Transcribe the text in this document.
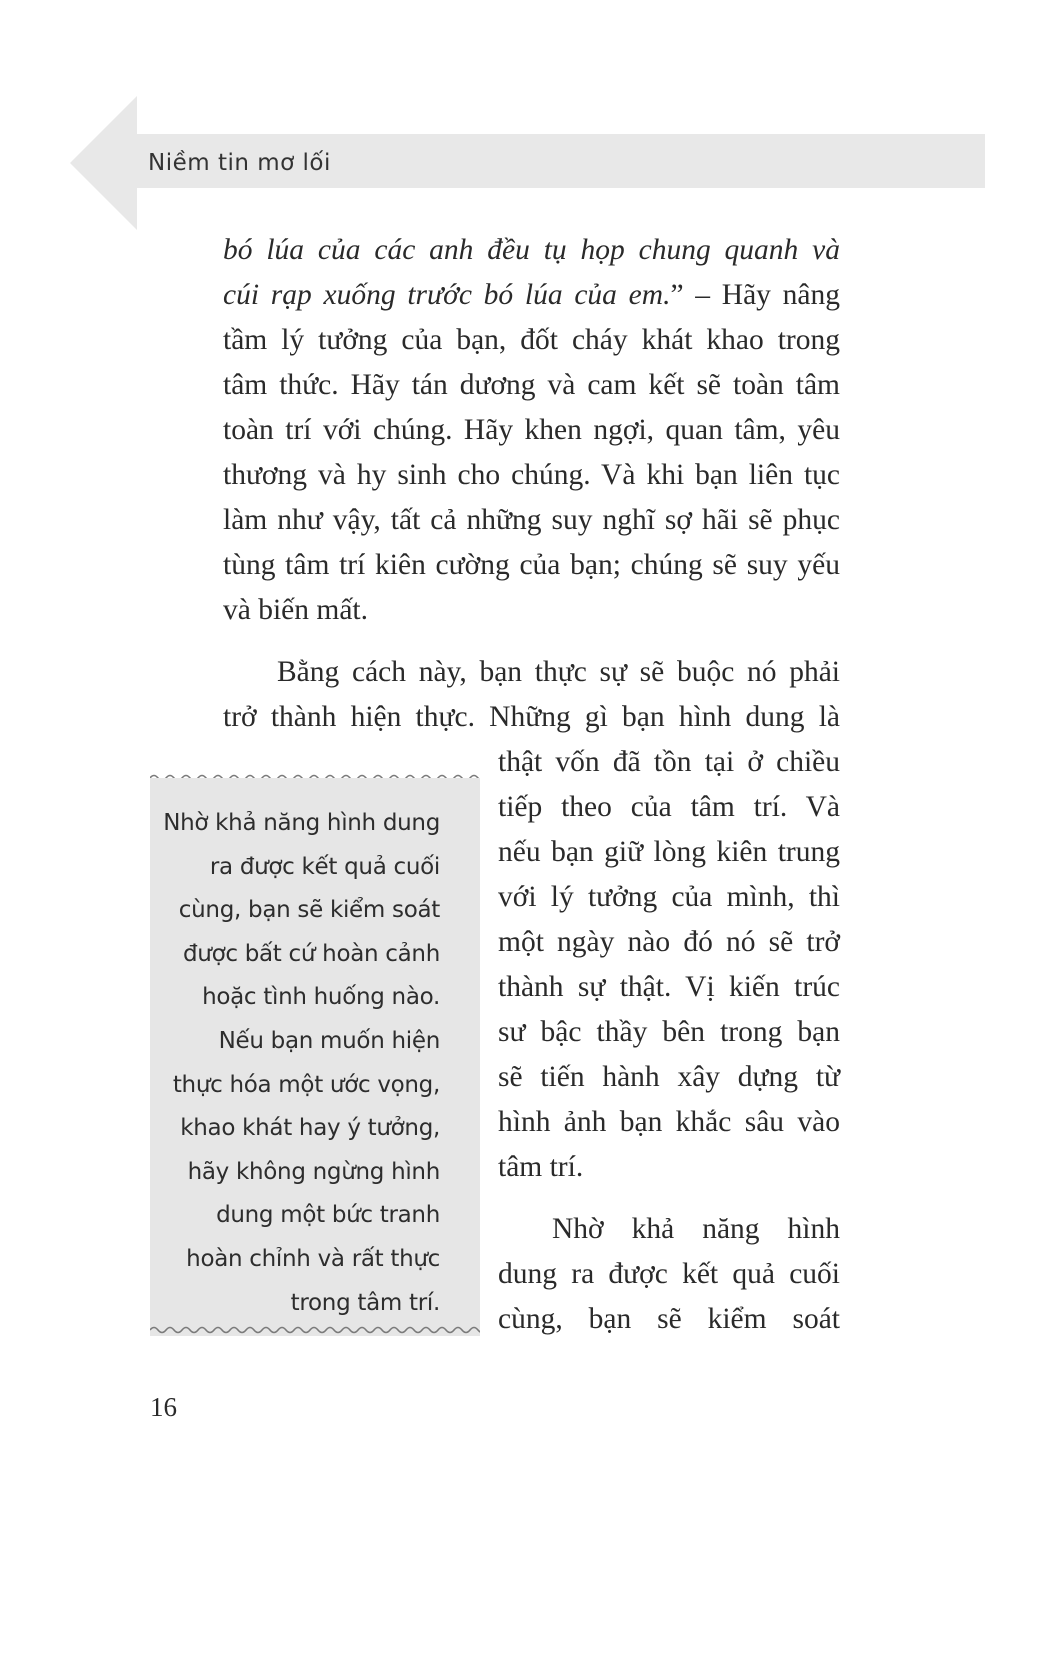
Niềm tin mơ lối
bó lúa của các anh đều tụ họp chung quanh và
cúi rạp xuống trước bó lúa của em.” – Hãy nâng
tầm lý tưởng của bạn, đốt cháy khát khao trong
tâm thức. Hãy tán dương và cam kết sẽ toàn tâm
toàn trí với chúng. Hãy khen ngợi, quan tâm, yêu
thương và hy sinh cho chúng. Và khi bạn liên tục
làm như vậy, tất cả những suy nghĩ sợ hãi sẽ phục
tùng tâm trí kiên cường của bạn; chúng sẽ suy yếu
và biến mất.
Bằng cách này, bạn thực sự sẽ buộc nó phải
trở thành hiện thực. Những gì bạn hình dung là
thật vốn đã tồn tại ở chiều
tiếp theo của tâm trí. Và
nếu bạn giữ lòng kiên trung
với lý tưởng của mình, thì
một ngày nào đó nó sẽ trở
thành sự thật. Vị kiến trúc
sư bậc thầy bên trong bạn
sẽ tiến hành xây dựng từ
hình ảnh bạn khắc sâu vào
tâm trí.
Nhờ khả năng hình
dung ra được kết quả cuối
cùng, bạn sẽ kiểm soát
Nhờ khả năng hình dung
ra được kết quả cuối
cùng, bạn sẽ kiểm soát
được bất cứ hoàn cảnh
hoặc tình huống nào.
Nếu bạn muốn hiện
thực hóa một ước vọng,
khao khát hay ý tưởng,
hãy không ngừng hình
dung một bức tranh
hoàn chỉnh và rất thực
trong tâm trí.

16
